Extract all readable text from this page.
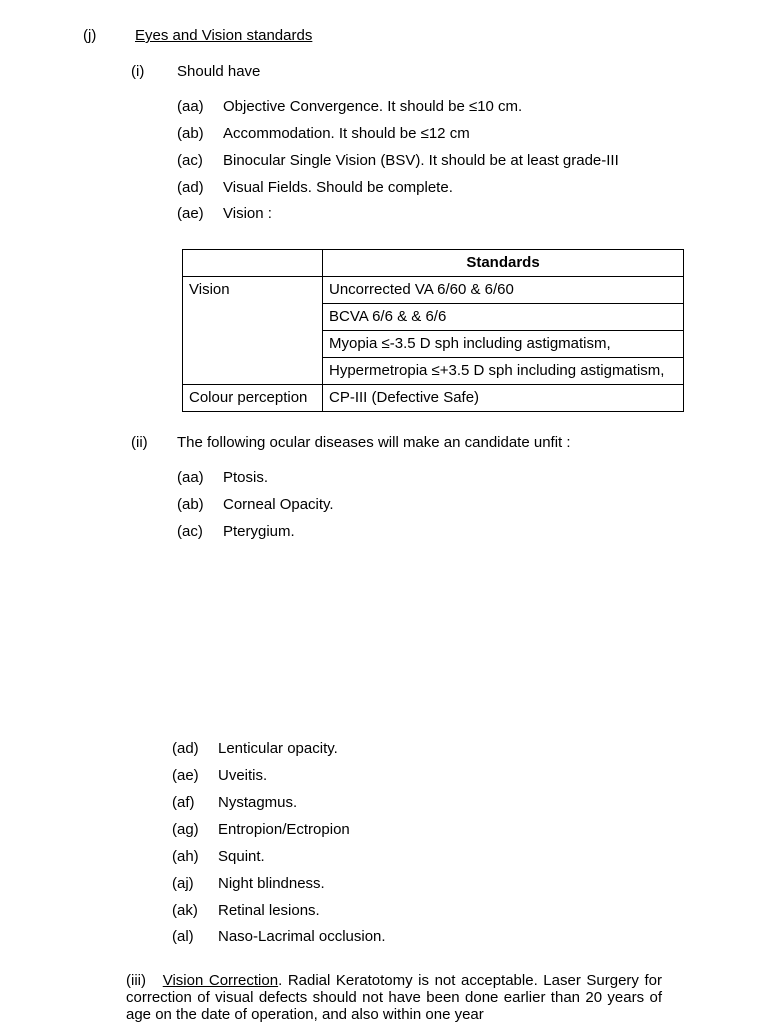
(j)	Eyes and Vision standards
(i) Should have
(aa) Objective Convergence. It should be ≤10 cm.
(ab) Accommodation. It should be ≤12 cm
(ac) Binocular Single Vision (BSV). It should be at least grade-III
(ad) Visual Fields. Should be complete.
(ae) Vision :
	Standards
Vision	Uncorrected VA 6/60 & 6/60
	BCVA 6/6 & & 6/6
	Myopia ≤-3.5 D sph including astigmatism,
	Hypermetropia ≤+3.5 D sph including astigmatism,
Colour perception	CP-III (Defective Safe)
(ii) The following ocular diseases will make an candidate unfit :
(aa) Ptosis.
(ab) Corneal Opacity.
(ac) Pterygium.
(ad) Lenticular opacity.
(ae) Uveitis.
(af) Nystagmus.
(ag) Entropion/Ectropion
(ah) Squint.
(aj) Night blindness.
(ak) Retinal lesions.
(al) Naso-Lacrimal occlusion.
(iii) Vision Correction. Radial Keratotomy is not acceptable. Laser Surgery for correction of visual defects should not have been done earlier than 20 years of age on the date of operation, and also within one year
